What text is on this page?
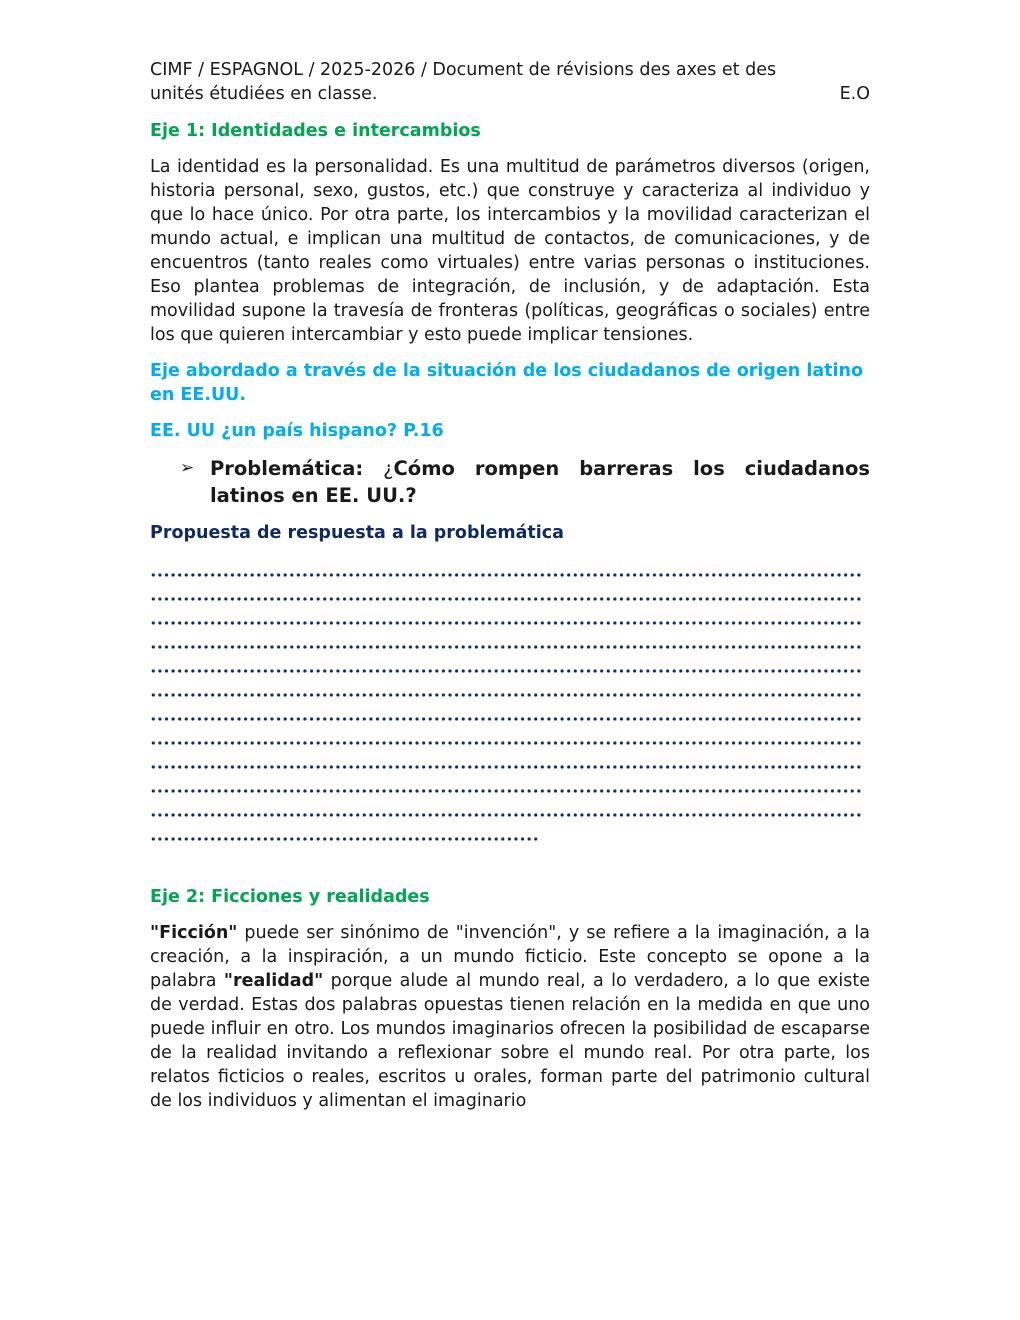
CIMF / ESPAGNOL / 2025-2026 / Document de révisions des axes et des
unités étudiées en classe.	E.O
Eje 1: Identidades e intercambios

La identidad es la personalidad. Es una multitud de parámetros diversos (origen, historia personal, sexo, gustos, etc.) que construye y caracteriza al individuo y que lo hace único. Por otra parte, los intercambios y la movilidad caracterizan el mundo actual, e implican una multitud de contactos, de comunicaciones, y de encuentros (tanto reales como virtuales) entre varias personas o instituciones. Eso plantea problemas de integración, de inclusión, y de adaptación. Esta movilidad supone la travesía de fronteras (políticas, geográficas o sociales) entre los que quieren intercambiar y esto puede implicar tensiones.

Eje abordado a través de la situación de los ciudadanos de origen latino en EE.UU.
EE. UU ¿un país hispano? P.16
➢ Problemática: ¿Cómo rompen barreras los ciudadanos latinos en EE. UU.?
Propuesta de respuesta a la problemática
Eje 2: Ficciones y realidades

"Ficción" puede ser sinónimo de "invención", y se refiere a la imaginación, a la creación, a la inspiración, a un mundo ficticio. Este concepto se opone a la palabra "realidad" porque alude al mundo real, a lo verdadero, a lo que existe de verdad. Estas dos palabras opuestas tienen relación en la medida en que uno puede influir en otro. Los mundos imaginarios ofrecen la posibilidad de escaparse de la realidad invitando a reflexionar sobre el mundo real. Por otra parte, los relatos ficticios o reales, escritos u orales, forman parte del patrimonio cultural de los individuos y alimentan el imaginario
